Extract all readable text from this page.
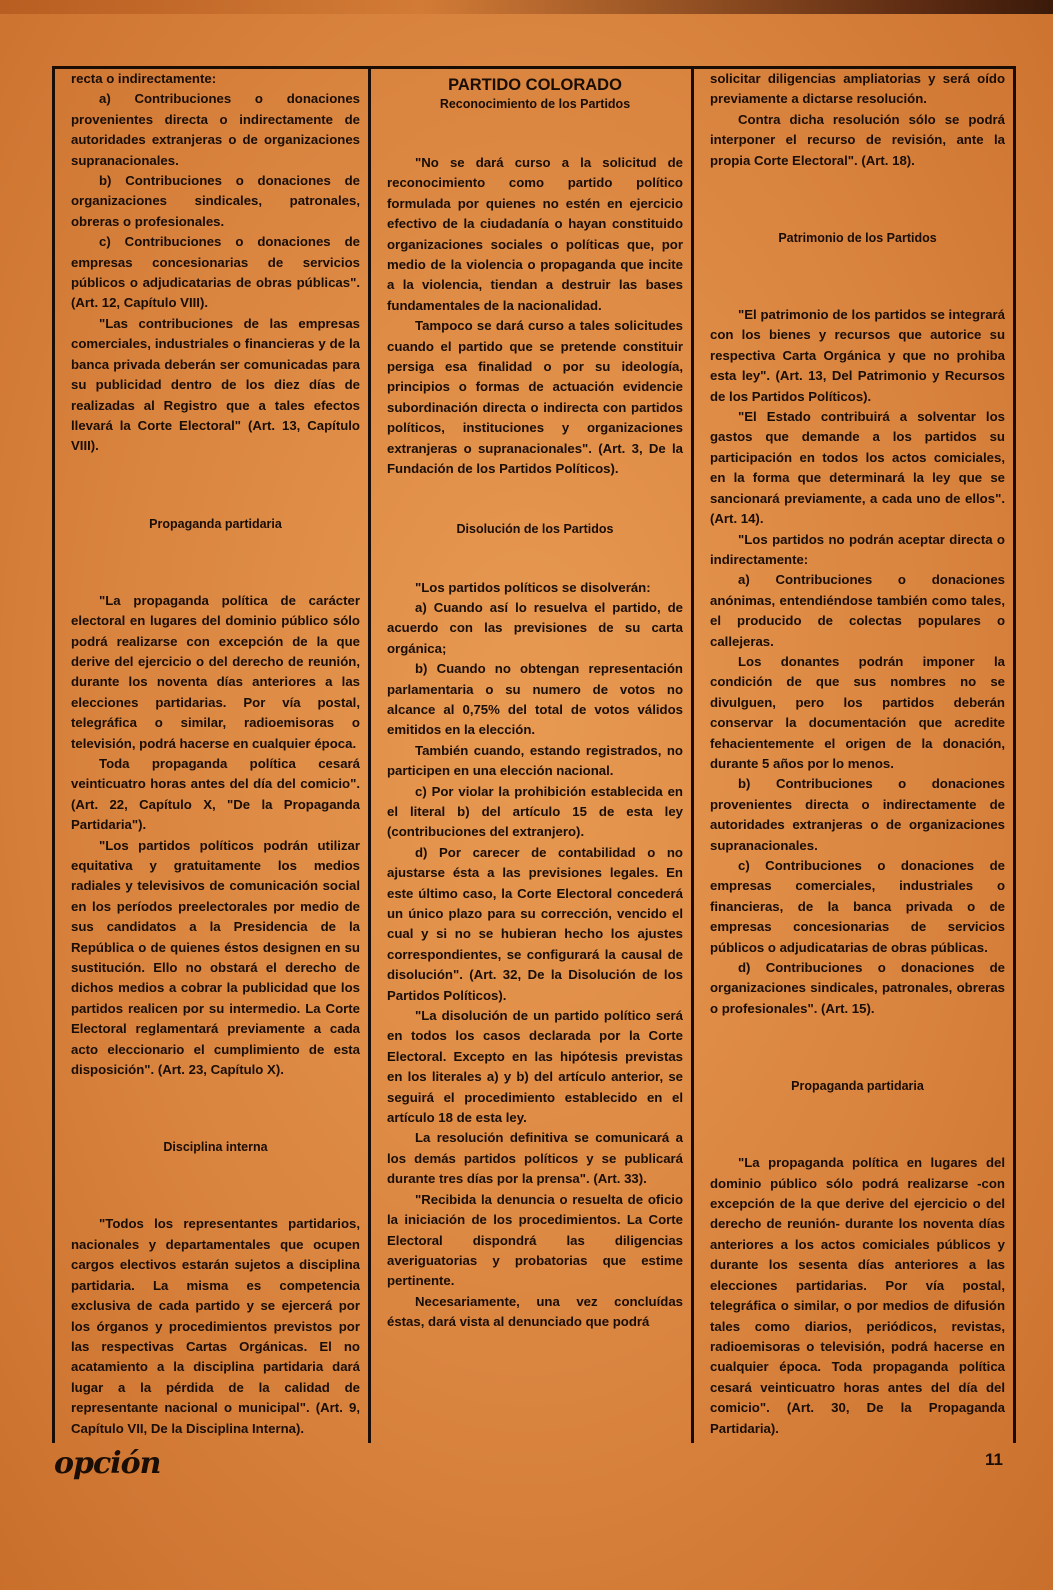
recta o indirectamente:

a) Contribuciones o donaciones provenientes directa o indirectamente de autoridades extranjeras o de organizaciones supranacionales.

b) Contribuciones o donaciones de organizaciones sindicales, patronales, obreras o profesionales.

c) Contribuciones o donaciones de empresas concesionarias de servicios públicos o adjudicatarias de obras públicas". (Art. 12, Capítulo VIII).

"Las contribuciones de las empresas comerciales, industriales o financieras y de la banca privada deberán ser comunicadas para su publicidad dentro de los diez días de realizadas al Registro que a tales efectos llevará la Corte Electoral" (Art. 13, Capítulo VIII).

Propaganda partidaria

"La propaganda política de carácter electoral en lugares del dominio público sólo podrá realizarse con excepción de la que derive del ejercicio o del derecho de reunión, durante los noventa días anteriores a las elecciones partidarias. Por vía postal, telegráfica o similar, radioemisoras o televisión, podrá hacerse en cualquier época.

Toda propaganda política cesará veinticuatro horas antes del día del comicio". (Art. 22, Capítulo X, "De la Propaganda Partidaria").

"Los partidos políticos podrán utilizar equitativa y gratuitamente los medios radiales y televisivos de comunicación social en los períodos preelectorales por medio de sus candidatos a la Presidencia de la República o de quienes éstos designen en su sustitución. Ello no obstará el derecho de dichos medios a cobrar la publicidad que los partidos realicen por su intermedio. La Corte Electoral reglamentará previamente a cada acto eleccionario el cumplimiento de esta disposición". (Art. 23, Capítulo X).

Disciplina interna

"Todos los representantes partidarios, nacionales y departamentales que ocupen cargos electivos estarán sujetos a disciplina partidaria. La misma es competencia exclusiva de cada partido y se ejercerá por los órganos y procedimientos previstos por las respectivas Cartas Orgánicas. El no acatamiento a la disciplina partidaria dará lugar a la pérdida de la calidad de representante nacional o municipal". (Art. 9, Capítulo VII, De la Disciplina Interna).

PARTIDO COLORADO
Reconocimiento de los Partidos

"No se dará curso a la solicitud de reconocimiento como partido político formulada por quienes no estén en ejercicio efectivo de la ciudadanía o hayan constituido organizaciones sociales o políticas que, por medio de la violencia o propaganda que incite a la violencia, tiendan a destruir las bases fundamentales de la nacionalidad.

Tampoco se dará curso a tales solicitudes cuando el partido que se pretende constituir persiga esa finalidad o por su ideología, principios o formas de actuación evidencie subordinación directa o indirecta con partidos políticos, instituciones y organizaciones extranjeras o supranacionales". (Art. 3, De la Fundación de los Partidos Políticos).

Disolución de los Partidos

"Los partidos políticos se disolverán:

a) Cuando así lo resuelva el partido, de acuerdo con las previsiones de su carta orgánica;

b) Cuando no obtengan representación parlamentaria o su numero de votos no alcance al 0,75% del total de votos válidos emitidos en la elección.

También cuando, estando registrados, no participen en una elección nacional.

c) Por violar la prohibición establecida en el literal b) del artículo 15 de esta ley (contribuciones del extranjero).

d) Por carecer de contabilidad o no ajustarse ésta a las previsiones legales. En este último caso, la Corte Electoral concederá un único plazo para su corrección, vencido el cual y si no se hubieran hecho los ajustes correspondientes, se configurará la causal de disolución". (Art. 32, De la Disolución de los Partidos Políticos).

"La disolución de un partido político será en todos los casos declarada por la Corte Electoral. Excepto en las hipótesis previstas en los literales a) y b) del artículo anterior, se seguirá el procedimiento establecido en el artículo 18 de esta ley.

La resolución definitiva se comunicará a los demás partidos políticos y se publicará durante tres días por la prensa". (Art. 33).

"Recibida la denuncia o resuelta de oficio la iniciación de los procedimientos. La Corte Electoral dispondrá las diligencias averiguatorias y probatorias que estime pertinente.

Necesariamente, una vez concluídas éstas, dará vista al denunciado que podrá

solicitar diligencias ampliatorias y será oído previamente a dictarse resolución.

Contra dicha resolución sólo se podrá interponer el recurso de revisión, ante la propia Corte Electoral". (Art. 18).

Patrimonio de los Partidos

"El patrimonio de los partidos se integrará con los bienes y recursos que autorice su respectiva Carta Orgánica y que no prohiba esta ley". (Art. 13, Del Patrimonio y Recursos de los Partidos Políticos).

"El Estado contribuirá a solventar los gastos que demande a los partidos su participación en todos los actos comiciales, en la forma que determinará la ley que se sancionará previamente, a cada uno de ellos". (Art. 14).

"Los partidos no podrán aceptar directa o indirectamente:

a) Contribuciones o donaciones anónimas, entendiéndose también como tales, el producido de colectas populares o callejeras.

Los donantes podrán imponer la condición de que sus nombres no se divulguen, pero los partidos deberán conservar la documentación que acredite fehacientemente el origen de la donación, durante 5 años por lo menos.

b) Contribuciones o donaciones provenientes directa o indirectamente de autoridades extranjeras o de organizaciones supranacionales.

c) Contribuciones o donaciones de empresas comerciales, industriales o financieras, de la banca privada o de empresas concesionarias de servicios públicos o adjudicatarias de obras públicas.

d) Contribuciones o donaciones de organizaciones sindicales, patronales, obreras o profesionales". (Art. 15).

Propaganda partidaria

"La propaganda política en lugares del dominio público sólo podrá realizarse -con excepción de la que derive del ejercicio o del derecho de reunión- durante los noventa días anteriores a los actos comiciales públicos y durante los sesenta días anteriores a las elecciones partidarias. Por vía postal, telegráfica o similar, o por medios de difusión tales como diarios, periódicos, revistas, radioemisoras o televisión, podrá hacerse en cualquier época. Toda propaganda política cesará veinticuatro horas antes del día del comicio". (Art. 30, De la Propaganda Partidaria).

opción	11
